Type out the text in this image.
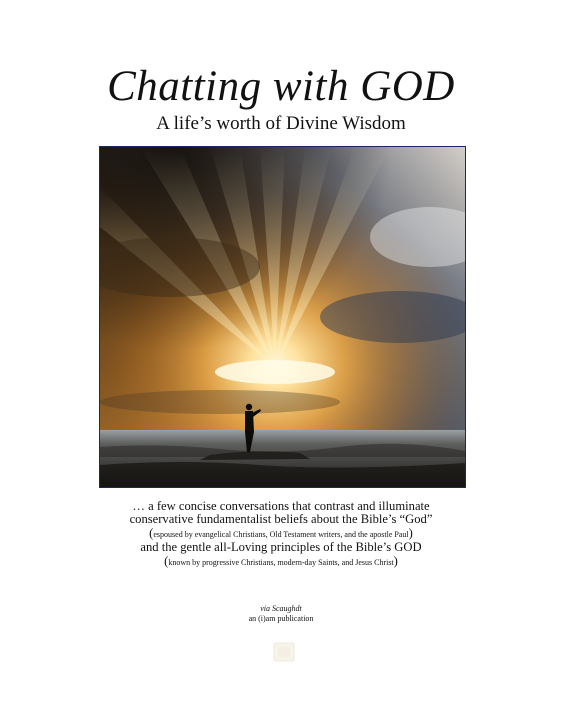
Chatting with GOD
A life’s worth of Divine Wisdom
… a few concise conversations that contrast and illuminate
conservative fundamentalist beliefs about the Bible’s “God”
(espoused by evangelical Christians, Old Testament writers, and the apostle Paul)
and the gentle all-Loving principles of the Bible’s GOD
(known by progressive Christians, modern-day Saints, and Jesus Christ)
via Scaughdt
an (i)am publication
